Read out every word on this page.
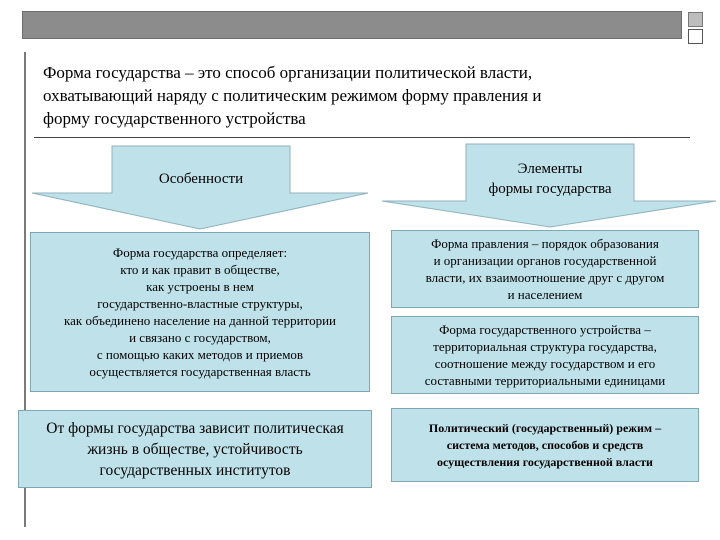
Форма государства – это способ организации политической власти,
охватывающий наряду с политическим режимом форму правления и
форму государственного устройства
Особенности
Элементы
формы государства
Форма государства определяет:
кто и как правит в обществе,
как устроены в нем
государственно-властные структуры,
как объединено население на данной территории
и связано с государством,
с помощью каких методов и приемов
осуществляется государственная власть
От формы государства зависит политическая
жизнь в обществе, устойчивость
государственных институтов
Форма правления – порядок образования
и организации органов государственной
власти, их взаимоотношение друг с другом
и населением
Форма государственного устройства –
территориальная структура государства,
соотношение между государством и его
составными территориальными единицами
Политический (государственный) режим –
система методов, способов и средств
осуществления государственной власти
